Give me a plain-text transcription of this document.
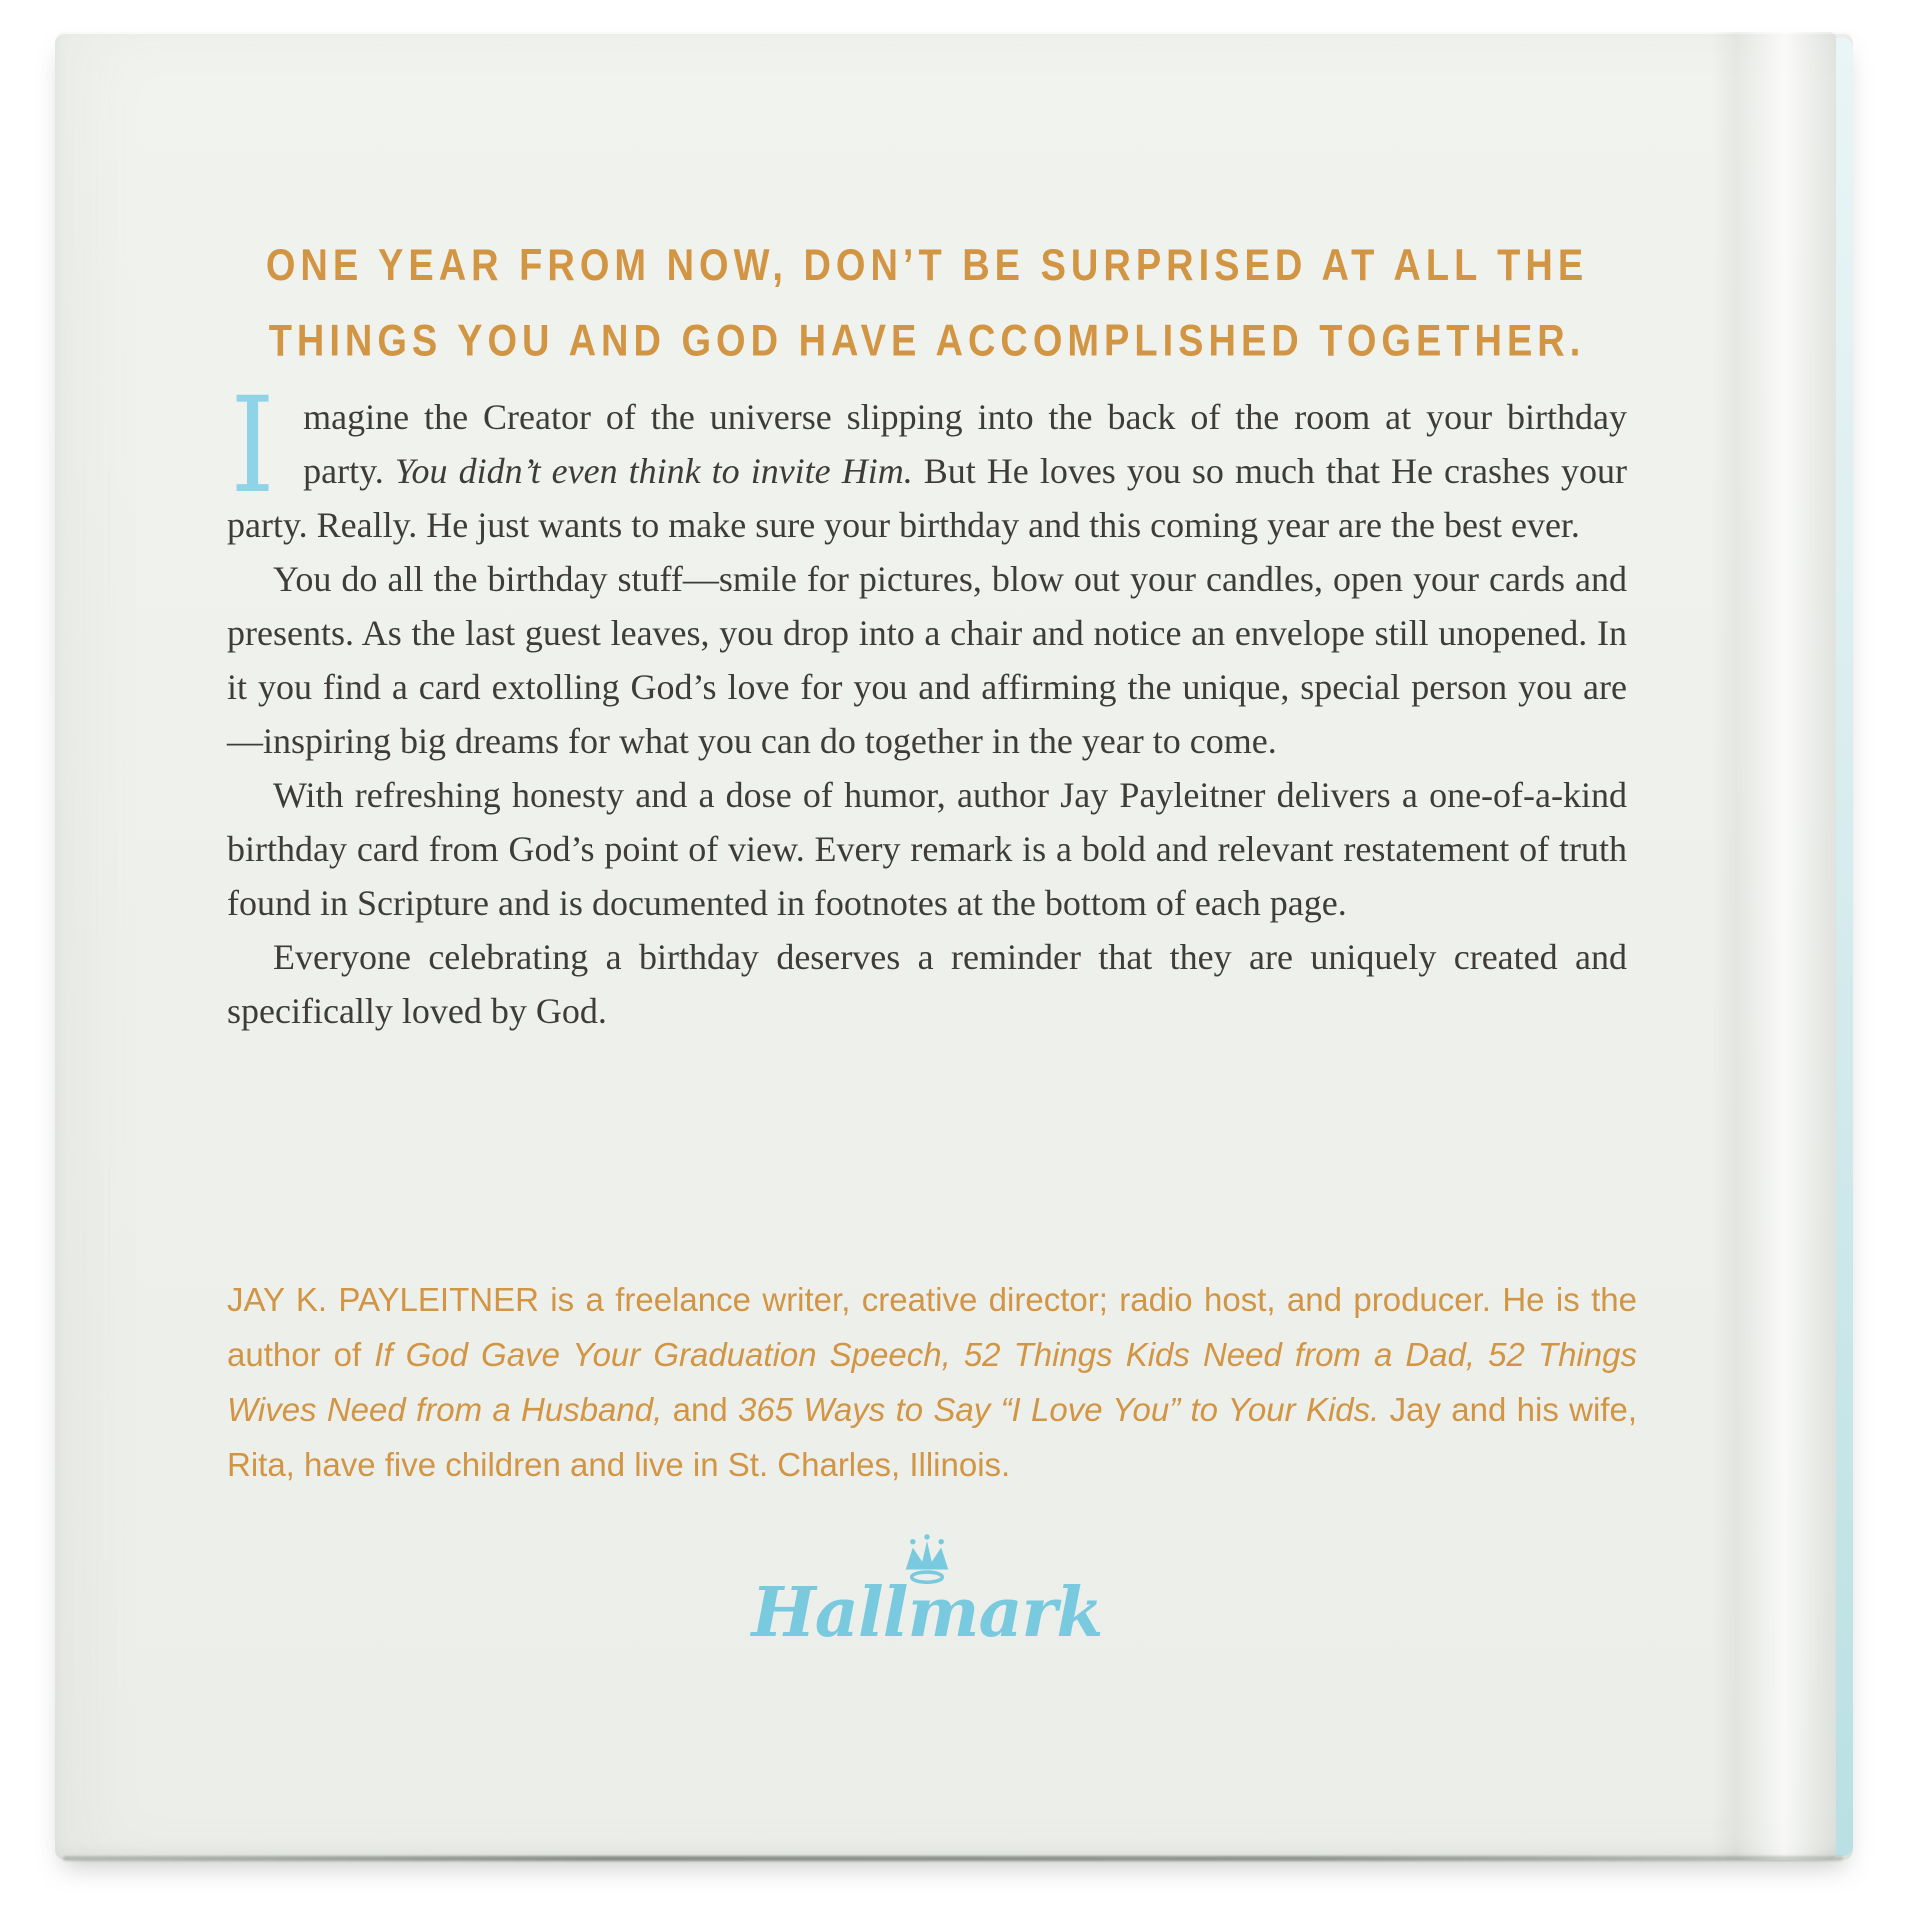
ONE YEAR FROM NOW, DON’T BE SURPRISED AT ALL THE
THINGS YOU AND GOD HAVE ACCOMPLISHED TOGETHER.

Imagine the Creator of the universe slipping into the back of the room at your birthday party. You didn’t even think to invite Him. But He loves you so much that He crashes your party. Really. He just wants to make sure your birthday and this coming year are the best ever.

You do all the birthday stuff—smile for pictures, blow out your candles, open your cards and presents. As the last guest leaves, you drop into a chair and notice an envelope still unopened. In it you find a card extolling God’s love for you and affirming the unique, special person you are—inspiring big dreams for what you can do together in the year to come.

With refreshing honesty and a dose of humor, author Jay Payleitner delivers a one-of-a-kind birthday card from God’s point of view. Every remark is a bold and relevant restatement of truth found in Scripture and is documented in footnotes at the bottom of each page.

Everyone celebrating a birthday deserves a reminder that they are uniquely created and specifically loved by God.

JAY K. PAYLEITNER is a freelance writer, creative director; radio host, and producer. He is the author of If God Gave Your Graduation Speech, 52 Things Kids Need from a Dad, 52 Things Wives Need from a Husband, and 365 Ways to Say “I Love You” to Your Kids. Jay and his wife, Rita, have five children and live in St. Charles, Illinois.
Hallmark
